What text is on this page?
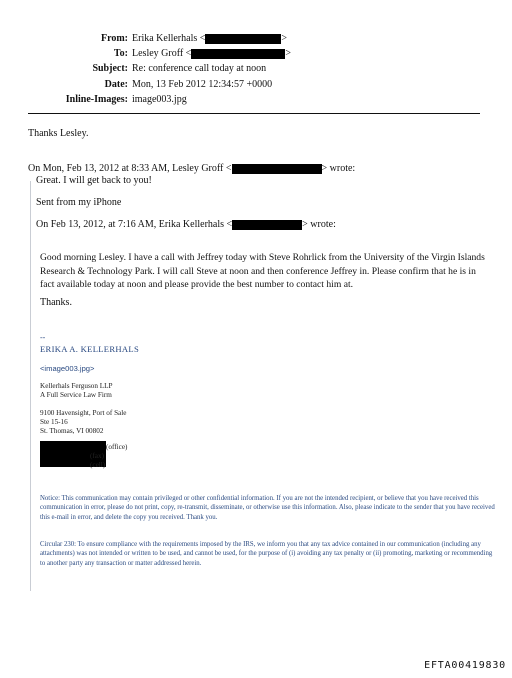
From: Erika Kellerhals <	>
To: Lesley Groff <	>
Subject: Re: conference call today at noon
Date: Mon, 13 Feb 2012 12:34:57 +0000
Inline-Images: image003.jpg
Thanks Lesley.
On Mon, Feb 13, 2012 at 8:33 AM, Lesley Groff <	> wrote:
Great. I will get back to you!
Sent from my iPhone
On Feb 13, 2012, at 7:16 AM, Erika Kellerhals <	> wrote:
Good morning Lesley. I have a call with Jeffrey today with Steve Rohrlick from the University of the Virgin Islands Research & Technology Park. I will call Steve at noon and then conference Jeffrey in. Please confirm that he is in fact available today at noon and please provide the best number to contact him at.
Thanks.
--
ERIKA A. KELLERHALS
<image003.jpg>
Kellerhals Ferguson LLP
A Full Service Law Firm
9100 Havensight, Port of Sale
Ste 15-16
St. Thomas, VI 00802
(office)
(fax)
(cell)
Notice: This communication may contain privileged or other confidential information. If you are not the intended recipient, or believe that you have received this communication in error, please do not print, copy, re-transmit, disseminate, or otherwise use this information. Also, please indicate to the sender that you have received this e-mail in error, and delete the copy you received. Thank you.
Circular 230: To ensure compliance with the requirements imposed by the IRS, we inform you that any tax advice contained in our communication (including any attachments) was not intended or written to be used, and cannot be used, for the purpose of (i) avoiding any tax penalty or (ii) promoting, marketing or recommending to another party any transaction or matter addressed herein.
EFTA00419830
